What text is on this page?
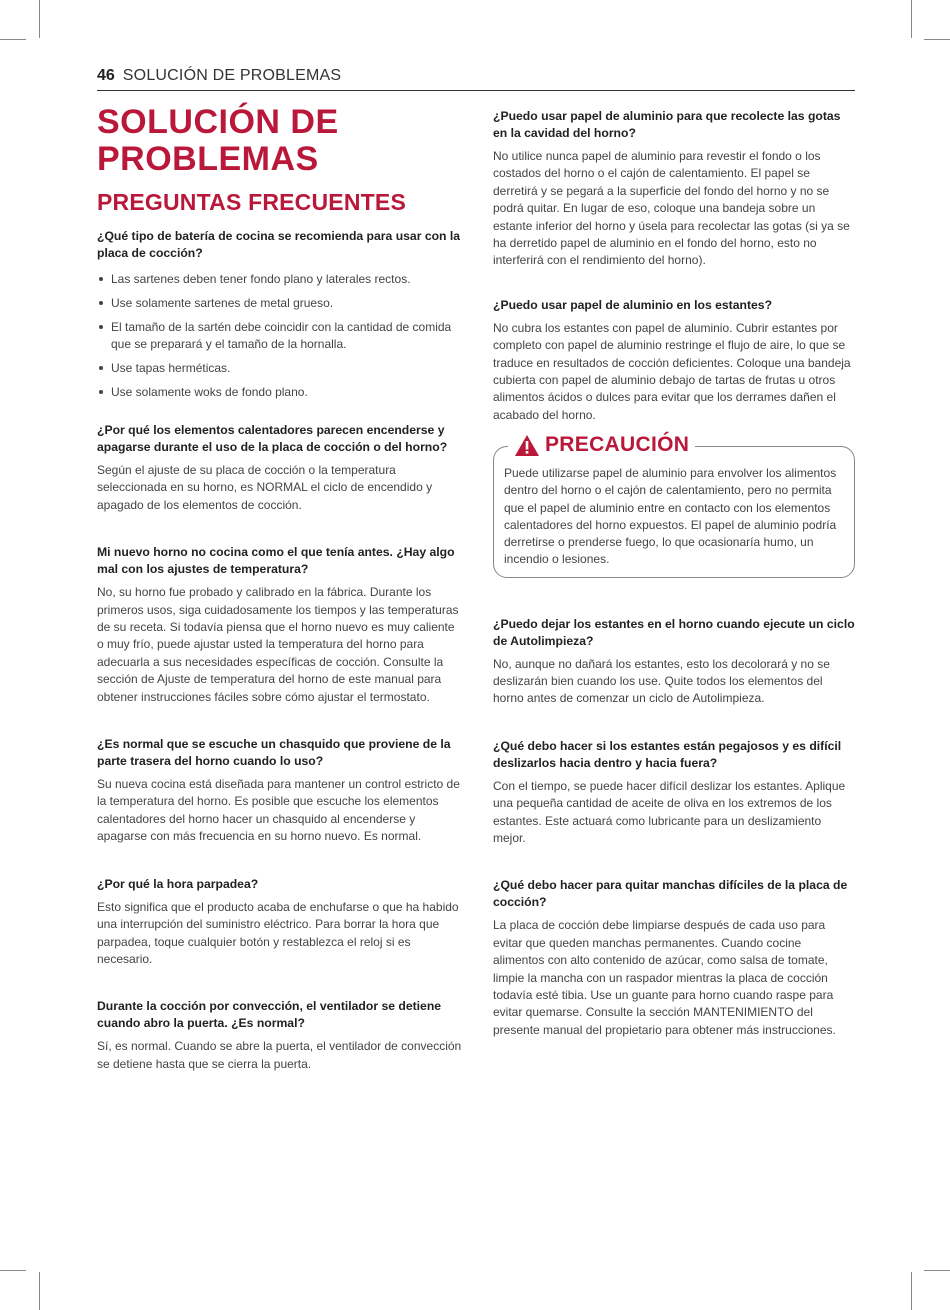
46 SOLUCIÓN DE PROBLEMAS
SOLUCIÓN DE
PROBLEMAS
PREGUNTAS FRECUENTES
¿Qué tipo de batería de cocina se recomienda para usar con la placa de cocción?
Las sartenes deben tener fondo plano y laterales rectos.
Use solamente sartenes de metal grueso.
El tamaño de la sartén debe coincidir con la cantidad de comida que se preparará y el tamaño de la hornalla.
Use tapas herméticas.
Use solamente woks de fondo plano.
¿Por qué los elementos calentadores parecen encenderse y apagarse durante el uso de la placa de cocción o del horno?
Según el ajuste de su placa de cocción o la temperatura seleccionada en su horno, es NORMAL el ciclo de encendido y apagado de los elementos de cocción.
Mi nuevo horno no cocina como el que tenía antes. ¿Hay algo mal con los ajustes de temperatura?
No, su horno fue probado y calibrado en la fábrica. Durante los primeros usos, siga cuidadosamente los tiempos y las temperaturas de su receta. Si todavía piensa que el horno nuevo es muy caliente o muy frío, puede ajustar usted la temperatura del horno para adecuarla a sus necesidades específicas de cocción. Consulte la sección de Ajuste de temperatura del horno de este manual para obtener instrucciones fáciles sobre cómo ajustar el termostato.
¿Es normal que se escuche un chasquido que proviene de la parte trasera del horno cuando lo uso?
Su nueva cocina está diseñada para mantener un control estricto de la temperatura del horno. Es posible que escuche los elementos calentadores del horno hacer un chasquido al encenderse y apagarse con más frecuencia en su horno nuevo. Es normal.
¿Por qué la hora parpadea?
Esto significa que el producto acaba de enchufarse o que ha habido una interrupción del suministro eléctrico. Para borrar la hora que parpadea, toque cualquier botón y restablezca el reloj si es necesario.
Durante la cocción por convección, el ventilador se detiene cuando abro la puerta. ¿Es normal?
Sí, es normal. Cuando se abre la puerta, el ventilador de convección se detiene hasta que se cierra la puerta.
¿Puedo usar papel de aluminio para que recolecte las gotas en la cavidad del horno?
No utilice nunca papel de aluminio para revestir el fondo o los costados del horno o el cajón de calentamiento. El papel se derretirá y se pegará a la superficie del fondo del horno y no se podrá quitar. En lugar de eso, coloque una bandeja sobre un estante inferior del horno y úsela para recolectar las gotas (si ya se ha derretido papel de aluminio en el fondo del horno, esto no interferirá con el rendimiento del horno).
¿Puedo usar papel de aluminio en los estantes?
No cubra los estantes con papel de aluminio. Cubrir estantes por completo con papel de aluminio restringe el flujo de aire, lo que se traduce en resultados de cocción deficientes. Coloque una bandeja cubierta con papel de aluminio debajo de tartas de frutas u otros alimentos ácidos o dulces para evitar que los derrames dañen el acabado del horno.
PRECAUCIÓN
Puede utilizarse papel de aluminio para envolver los alimentos dentro del horno o el cajón de calentamiento, pero no permita que el papel de aluminio entre en contacto con los elementos calentadores del horno expuestos. El papel de aluminio podría derretirse o prenderse fuego, lo que ocasionaría humo, un incendio o lesiones.
¿Puedo dejar los estantes en el horno cuando ejecute un ciclo de Autolimpieza?
No, aunque no dañará los estantes, esto los decolorará y no se deslizarán bien cuando los use. Quite todos los elementos del horno antes de comenzar un ciclo de Autolimpieza.
¿Qué debo hacer si los estantes están pegajosos y es difícil deslizarlos hacia dentro y hacia fuera?
Con el tiempo, se puede hacer difícil deslizar los estantes. Aplique una pequeña cantidad de aceite de oliva en los extremos de los estantes. Este actuará como lubricante para un deslizamiento mejor.
¿Qué debo hacer para quitar manchas difíciles de la placa de cocción?
La placa de cocción debe limpiarse después de cada uso para evitar que queden manchas permanentes. Cuando cocine alimentos con alto contenido de azúcar, como salsa de tomate, limpie la mancha con un raspador mientras la placa de cocción todavía esté tibia. Use un guante para horno cuando raspe para evitar quemarse. Consulte la sección MANTENIMIENTO del presente manual del propietario para obtener más instrucciones.
